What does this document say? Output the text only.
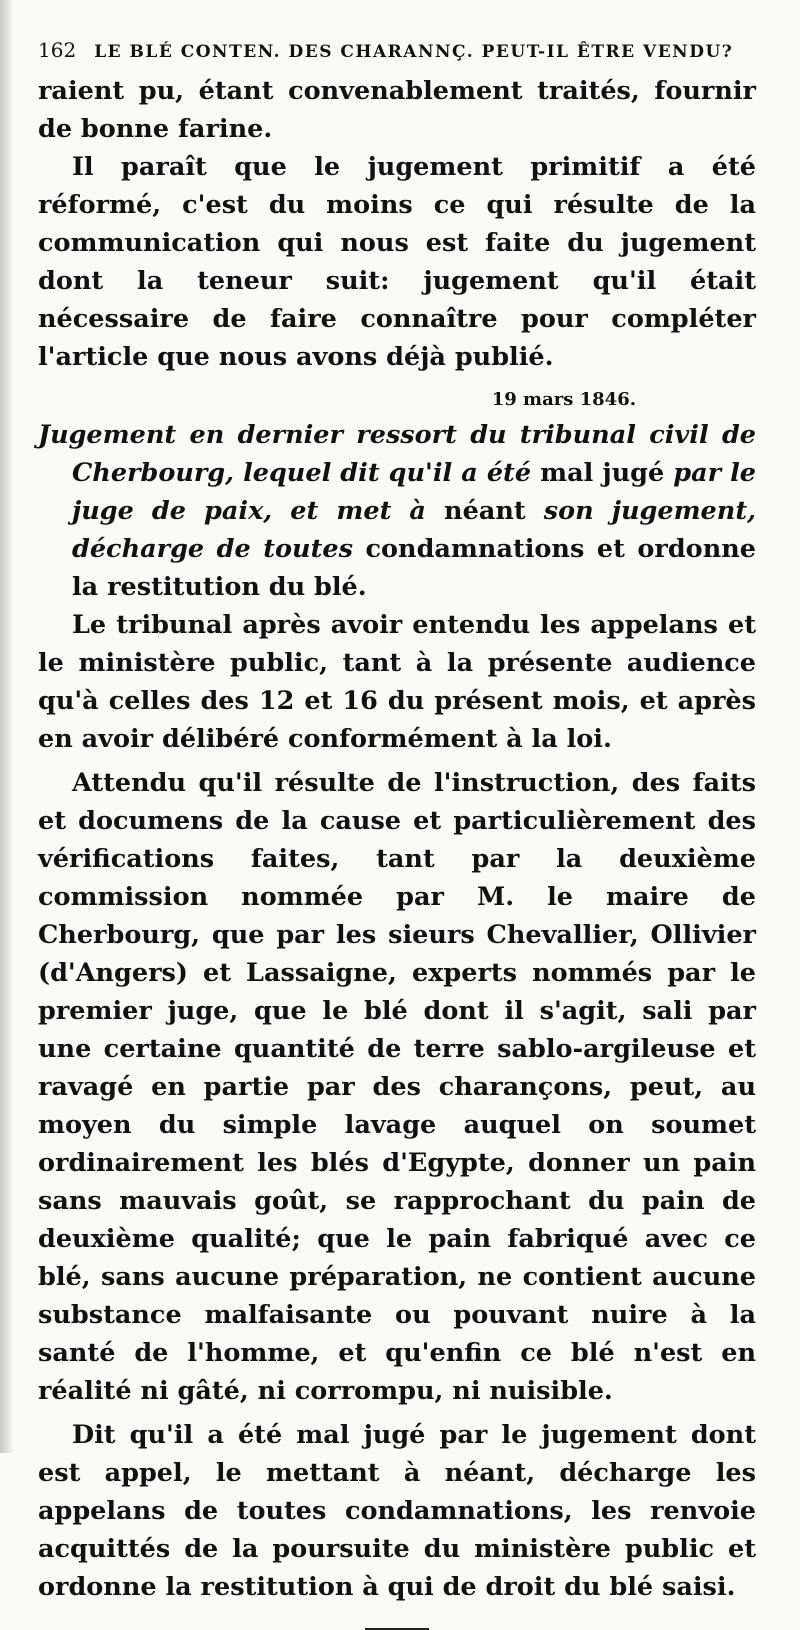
162 LE BLÉ CONTEN. DES CHARANNÇ. PEUT-IL ÊTRE VENDU?

raient pu, étant convenablement traités, fournir de bonne farine.

Il paraît que le jugement primitif a été réformé, c'est du moins ce qui résulte de la communication qui nous est faite du jugement dont la teneur suit: jugement qu'il était nécessaire de faire connaître pour compléter l'article que nous avons déjà publié.

19 mars 1846.

Jugement en dernier ressort du tribunal civil de Cherbourg, lequel dit qu'il a été mal jugé par le juge de paix, et met à néant son jugement, décharge de toutes condamnations et ordonne la restitution du blé.

Le tribunal après avoir entendu les appelans et le ministère public, tant à la présente audience qu'à celles des 12 et 16 du présent mois, et après en avoir délibéré conformément à la loi.

Attendu qu'il résulte de l'instruction, des faits et documens de la cause et particulièrement des vérifications faites, tant par la deuxième commission nommée par M. le maire de Cherbourg, que par les sieurs Chevallier, Ollivier (d'Angers) et Lassaigne, experts nommés par le premier juge, que le blé dont il s'agit, sali par une certaine quantité de terre sablo-argileuse et ravagé en partie par des charançons, peut, au moyen du simple lavage auquel on soumet ordinairement les blés d'Egypte, donner un pain sans mauvais goût, se rapprochant du pain de deuxième qualité; que le pain fabriqué avec ce blé, sans aucune préparation, ne contient aucune substance malfaisante ou pouvant nuire à la santé de l'homme, et qu'enfin ce blé n'est en réalité ni gâté, ni corrompu, ni nuisible.

Dit qu'il a été mal jugé par le jugement dont est appel, le mettant à néant, décharge les appelans de toutes condamnations, les renvoie acquittés de la poursuite du ministère public et ordonne la restitution à qui de droit du blé saisi.
